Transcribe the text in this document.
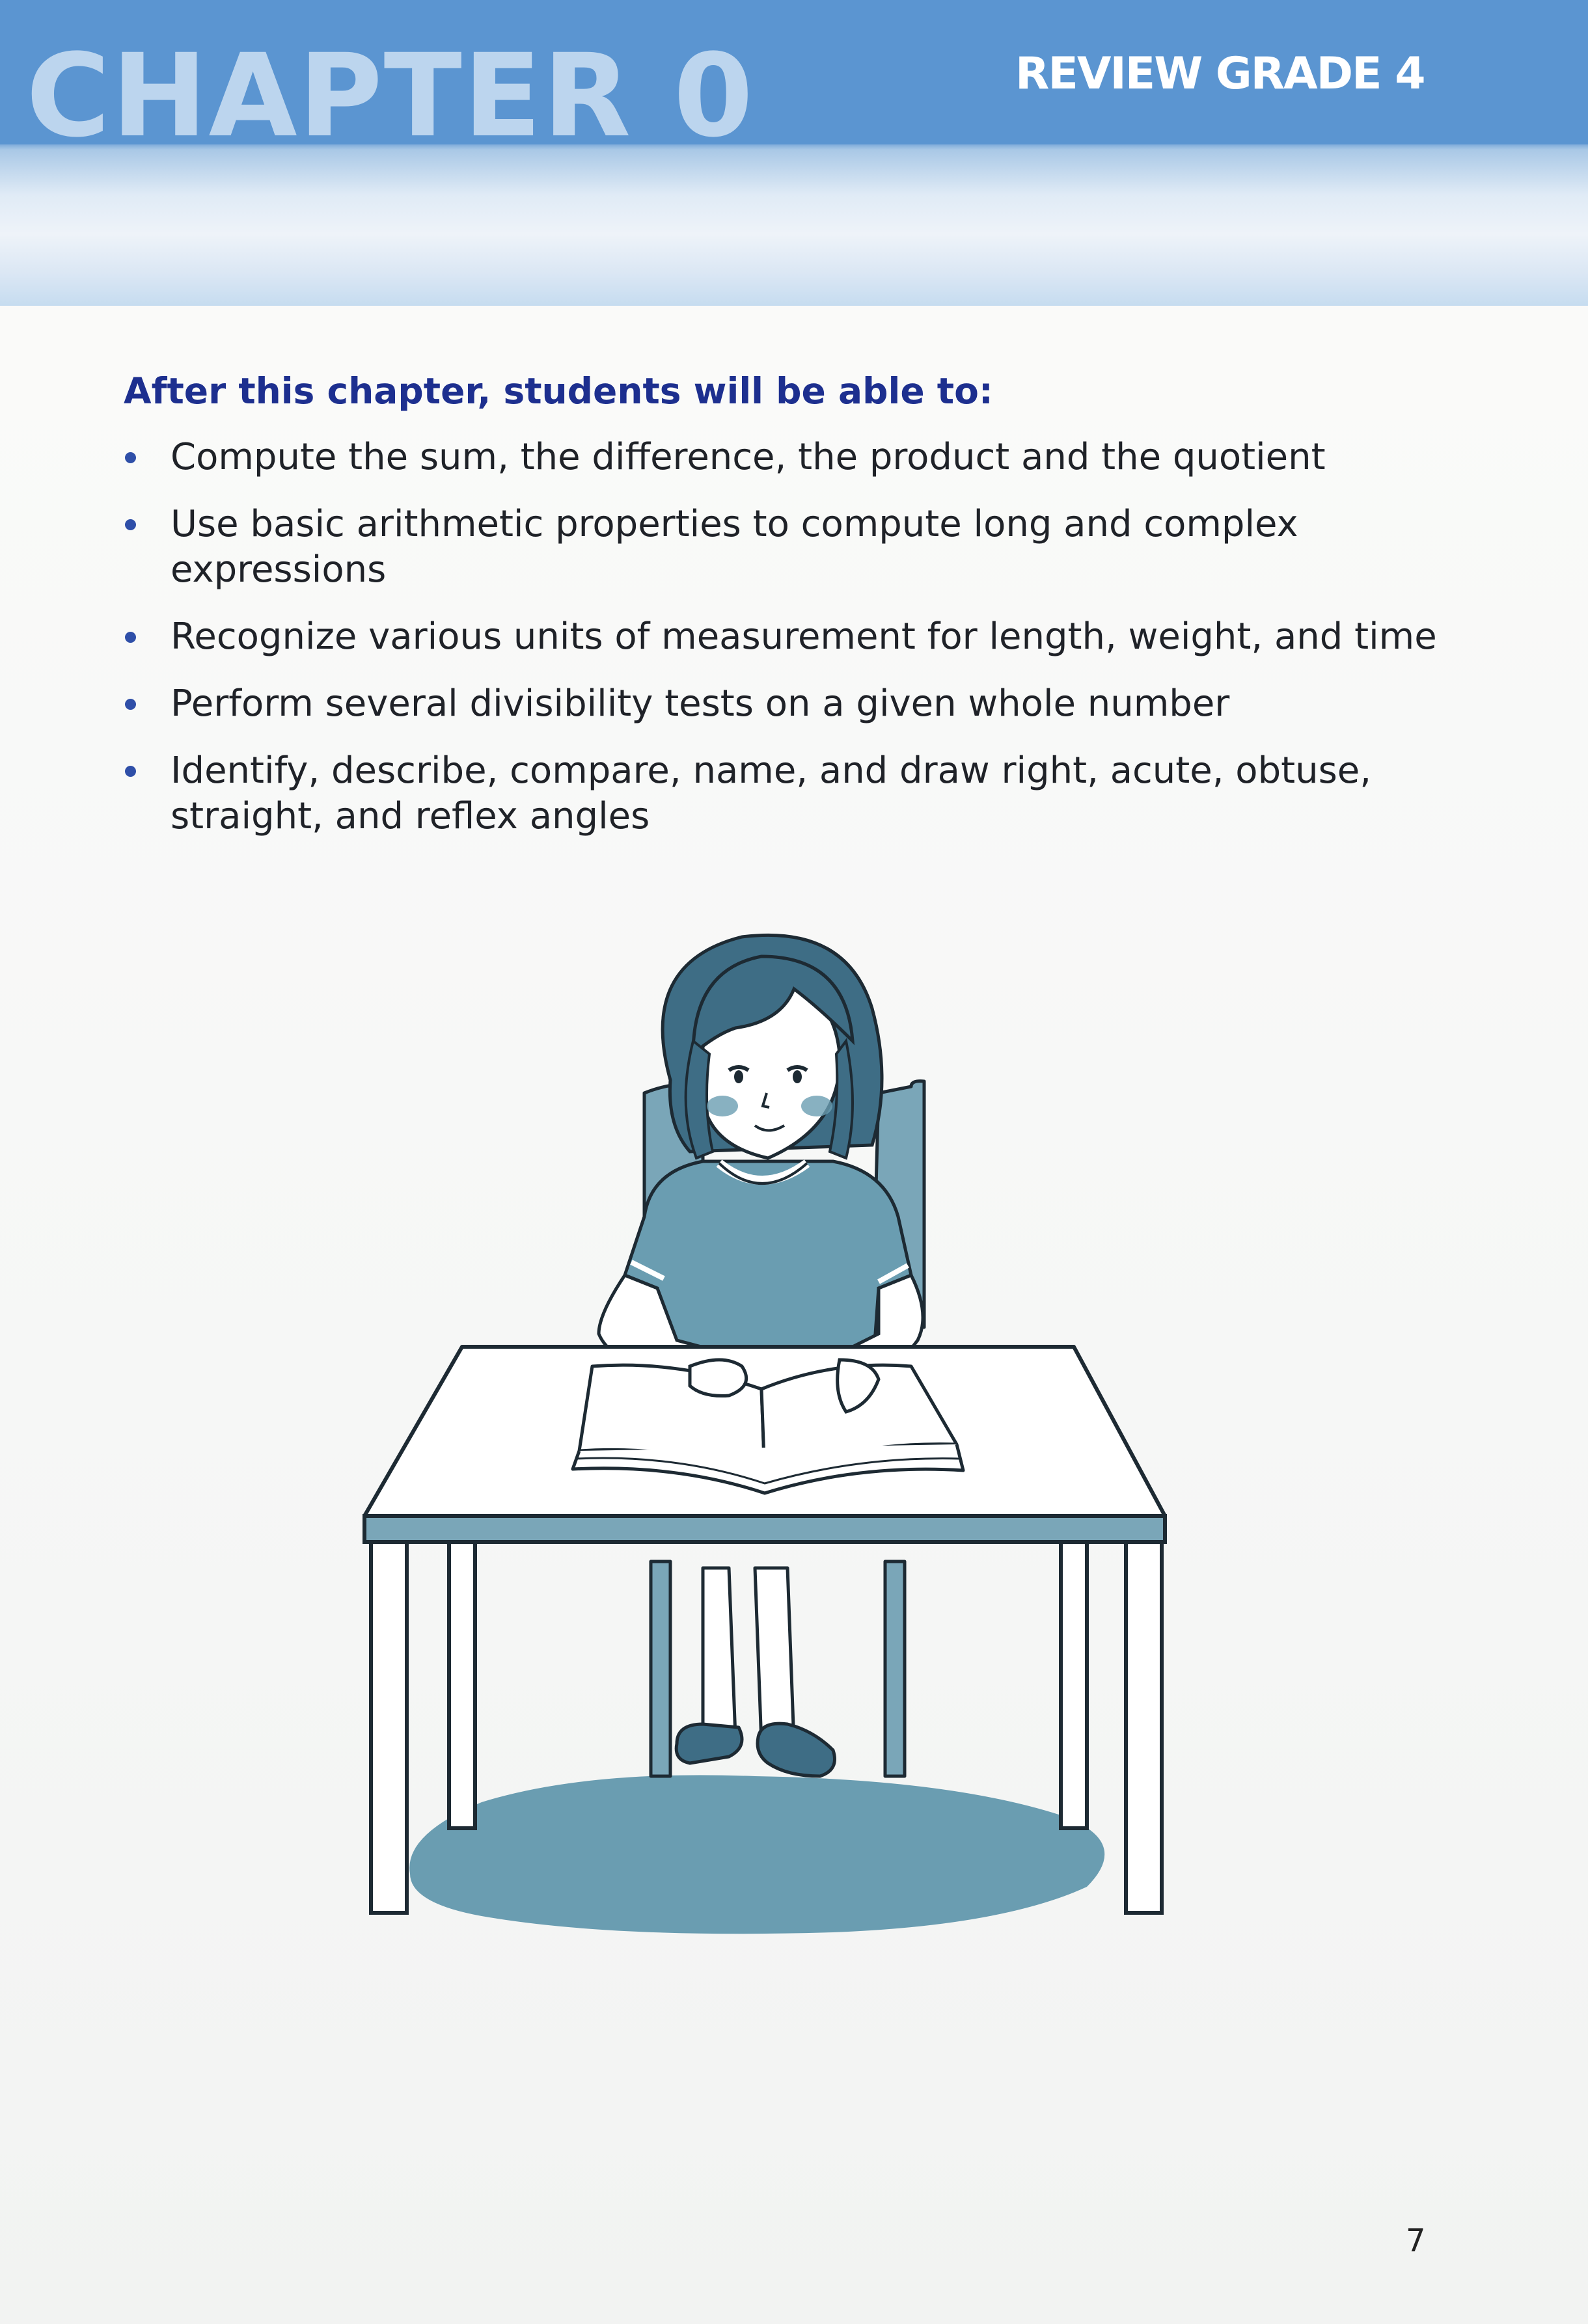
CHAPTER 0	REVIEW GRADE 4
After this chapter, students will be able to:
Compute the sum, the difference, the product and the quotient
Use basic arithmetic properties to compute long and complex expressions
Recognize various units of measurement for length, weight, and time
Perform several divisibility tests on a given whole number
Identify, describe, compare, name, and draw right, acute, obtuse, straight, and reflex angles
7
